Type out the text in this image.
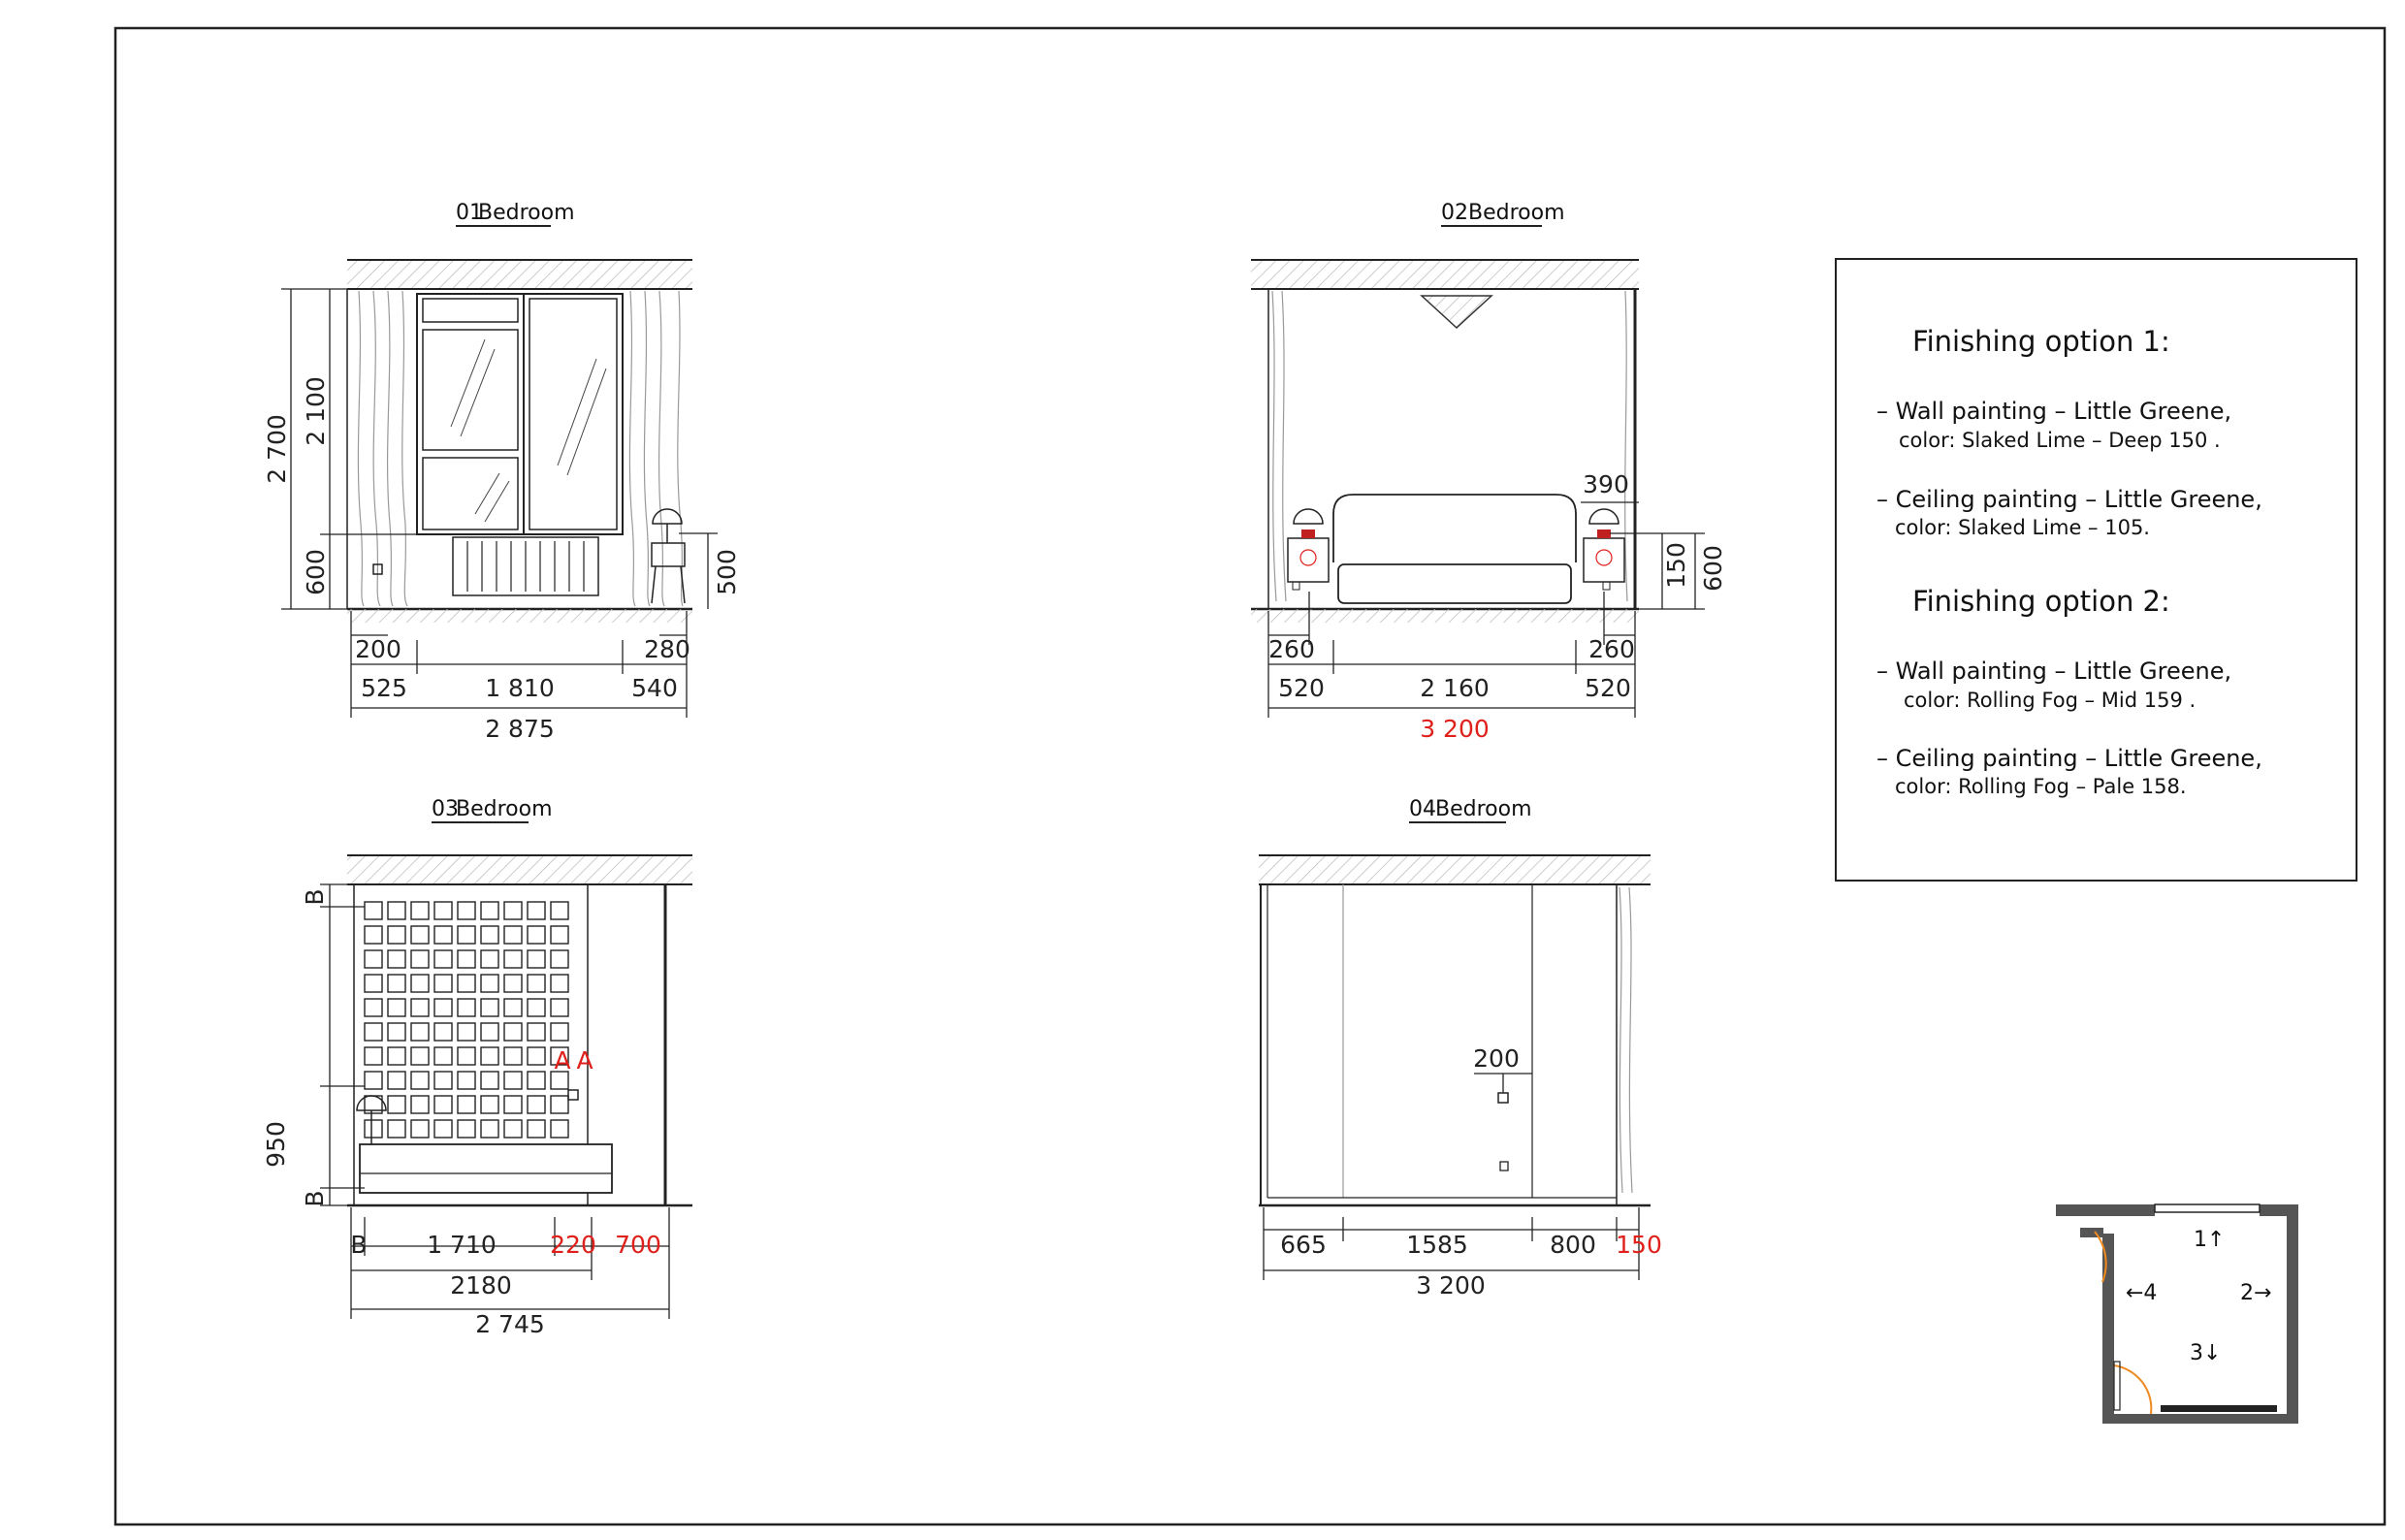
01
Bedroom
2 700
2 100
600	500
200	280
525	1 810	540
2 875
02 Bedroom
390
150 600
260	260
520	2 160	520
3 200
03
Bedroom
A A
B
950
B
B 1 710 220 700
2180
2 745
04 Bedroom
200
665	1585	800 150
3 200
Finishing option 1:
– Wall painting – Little Greene,
color: Slaked Lime – Deep 150 .
– Ceiling painting – Little Greene,
color: Slaked Lime – 105.
Finishing option 2:
– Wall painting – Little Greene,
color: Rolling Fog – Mid 159 .
– Ceiling painting – Little Greene,
color: Rolling Fog – Pale 158.
1↑
2→
3↓
←4
